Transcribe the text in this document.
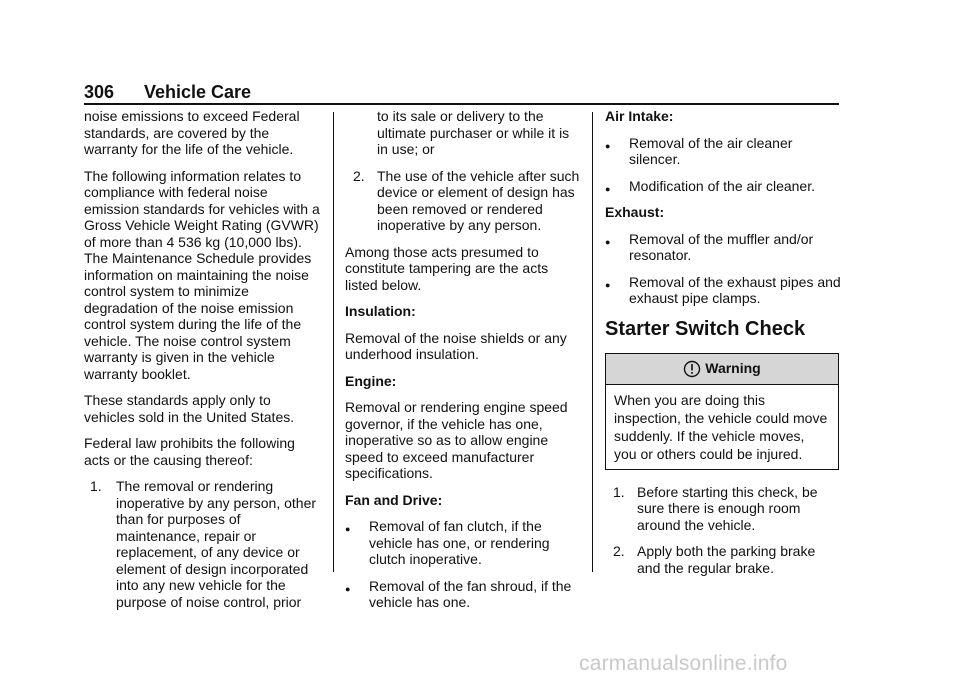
306 Vehicle Care

noise emissions to exceed Federal standards, are covered by the warranty for the life of the vehicle.

The following information relates to compliance with federal noise emission standards for vehicles with a Gross Vehicle Weight Rating (GVWR) of more than 4 536 kg (10,000 lbs). The Maintenance Schedule provides information on maintaining the noise control system to minimize degradation of the noise emission control system during the life of the vehicle. The noise control system warranty is given in the vehicle warranty booklet.

These standards apply only to vehicles sold in the United States.

Federal law prohibits the following acts or the causing thereof:

1. The removal or rendering inoperative by any person, other than for purposes of maintenance, repair or replacement, of any device or element of design incorporated into any new vehicle for the purpose of noise control, prior
to its sale or delivery to the ultimate purchaser or while it is in use; or
2. The use of the vehicle after such device or element of design has been removed or rendered inoperative by any person.

Among those acts presumed to constitute tampering are the acts listed below.

Insulation:

Removal of the noise shields or any underhood insulation.

Engine:

Removal or rendering engine speed governor, if the vehicle has one, inoperative so as to allow engine speed to exceed manufacturer specifications.

Fan and Drive:

● Removal of fan clutch, if the vehicle has one, or rendering clutch inoperative.
● Removal of the fan shroud, if the vehicle has one.

Air Intake:

● Removal of the air cleaner silencer.
● Modification of the air cleaner.

Exhaust:

● Removal of the muffler and/or resonator.
● Removal of the exhaust pipes and exhaust pipe clamps.
Starter Switch Check
Warning
When you are doing this inspection, the vehicle could move suddenly. If the vehicle moves, you or others could be injured.
1. Before starting this check, be sure there is enough room around the vehicle.
2. Apply both the parking brake and the regular brake.
carmanualsonline.info
